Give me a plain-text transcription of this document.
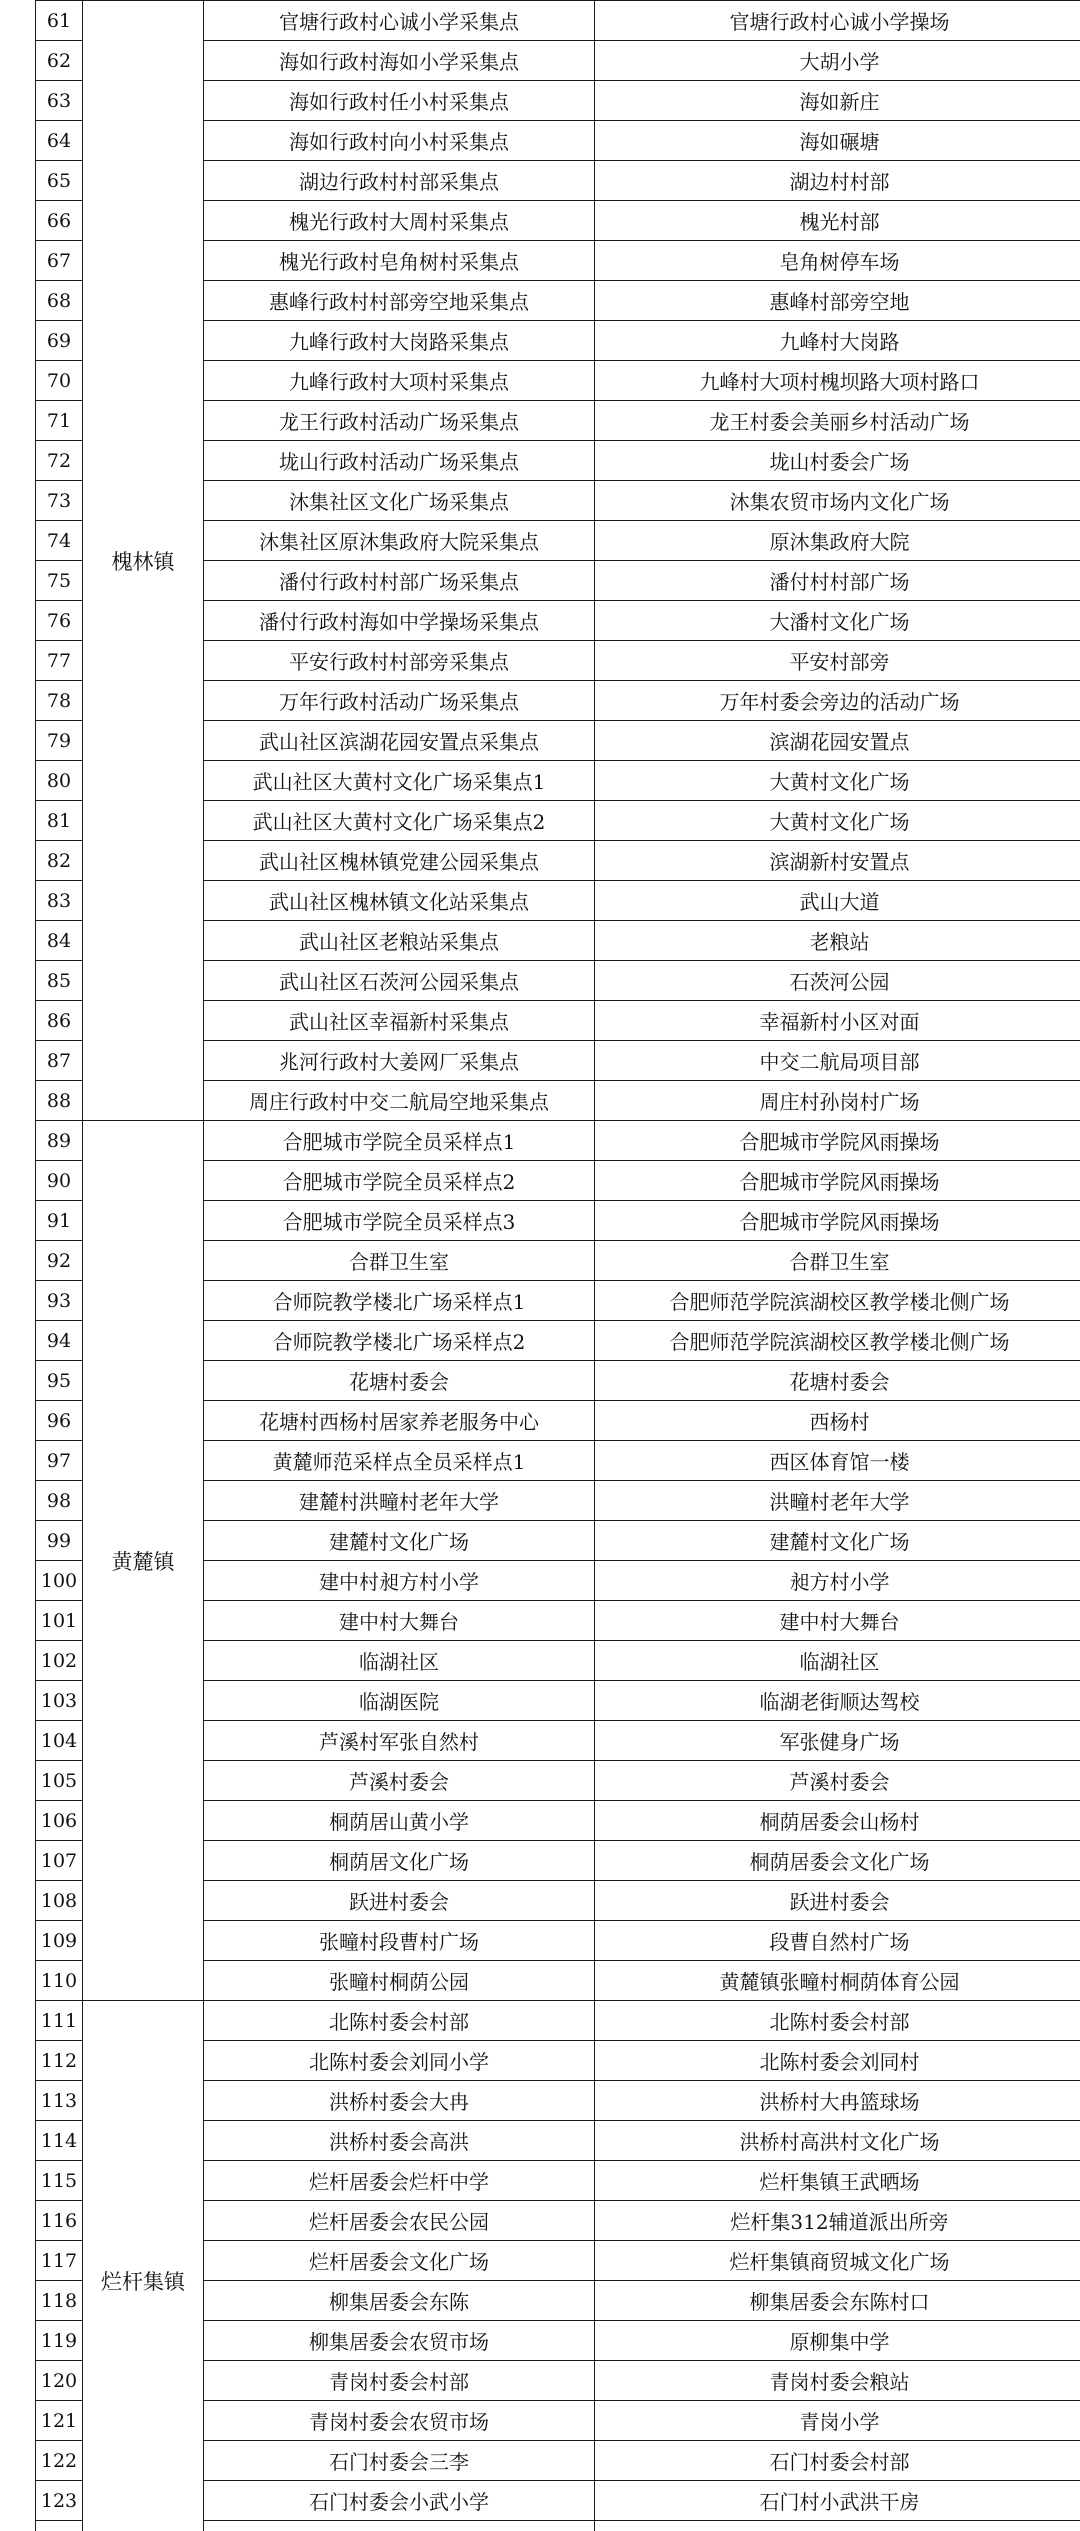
61	槐林镇	官塘行政村心诚小学采集点	官塘行政村心诚小学操场
62		海如行政村海如小学采集点	大胡小学
63		海如行政村任小村采集点	海如新庄
64		海如行政村向小村采集点	海如碾塘
65		湖边行政村村部采集点	湖边村村部
66		槐光行政村大周村采集点	槐光村部
67		槐光行政村皂角树村采集点	皂角树停车场
68		惠峰行政村村部旁空地采集点	惠峰村部旁空地
69		九峰行政村大岗路采集点	九峰村大岗路
70		九峰行政村大项村采集点	九峰村大项村槐坝路大项村路口
71		龙王行政村活动广场采集点	龙王村委会美丽乡村活动广场
72		垅山行政村活动广场采集点	垅山村委会广场
73		沐集社区文化广场采集点	沐集农贸市场内文化广场
74		沐集社区原沐集政府大院采集点	原沐集政府大院
75		潘付行政村村部广场采集点	潘付村村部广场
76		潘付行政村海如中学操场采集点	大潘村文化广场
77		平安行政村村部旁采集点	平安村部旁
78		万年行政村活动广场采集点	万年村委会旁边的活动广场
79		武山社区滨湖花园安置点采集点	滨湖花园安置点
80		武山社区大黄村文化广场采集点1	大黄村文化广场
81		武山社区大黄村文化广场采集点2	大黄村文化广场
82		武山社区槐林镇党建公园采集点	滨湖新村安置点
83		武山社区槐林镇文化站采集点	武山大道
84		武山社区老粮站采集点	老粮站
85		武山社区石茨河公园采集点	石茨河公园
86		武山社区幸福新村采集点	幸福新村小区对面
87		兆河行政村大姜网厂采集点	中交二航局项目部
88		周庄行政村中交二航局空地采集点	周庄村孙岗村广场
89	黄麓镇	合肥城市学院全员采样点1	合肥城市学院风雨操场
90		合肥城市学院全员采样点2	合肥城市学院风雨操场
91		合肥城市学院全员采样点3	合肥城市学院风雨操场
92		合群卫生室	合群卫生室
93		合师院教学楼北广场采样点1	合肥师范学院滨湖校区教学楼北侧广场
94		合师院教学楼北广场采样点2	合肥师范学院滨湖校区教学楼北侧广场
95		花塘村委会	花塘村委会
96		花塘村西杨村居家养老服务中心	西杨村
97		黄麓师范采样点全员采样点1	西区体育馆一楼
98		建麓村洪疃村老年大学	洪疃村老年大学
99		建麓村文化广场	建麓村文化广场
100		建中村昶方村小学	昶方村小学
101		建中村大舞台	建中村大舞台
102		临湖社区	临湖社区
103		临湖医院	临湖老街顺达驾校
104		芦溪村军张自然村	军张健身广场
105		芦溪村委会	芦溪村委会
106		桐荫居山黄小学	桐荫居委会山杨村
107		桐荫居文化广场	桐荫居委会文化广场
108		跃进村委会	跃进村委会
109		张疃村段曹村广场	段曹自然村广场
110		张疃村桐荫公园	黄麓镇张疃村桐荫体育公园
111	烂杆集镇	北陈村委会村部	北陈村委会村部
112		北陈村委会刘同小学	北陈村委会刘同村
113		洪桥村委会大冉	洪桥村大冉篮球场
114		洪桥村委会高洪	洪桥村高洪村文化广场
115		烂杆居委会烂杆中学	烂杆集镇王武晒场
116		烂杆居委会农民公园	烂杆集312辅道派出所旁
117		烂杆居委会文化广场	烂杆集镇商贸城文化广场
118		柳集居委会东陈	柳集居委会东陈村口
119		柳集居委会农贸市场	原柳集中学
120		青岗村委会村部	青岗村委会粮站
121		青岗村委会农贸市场	青岗小学
122		石门村委会三李	石门村委会村部
123		石门村委会小武小学	石门村小武洪干房
